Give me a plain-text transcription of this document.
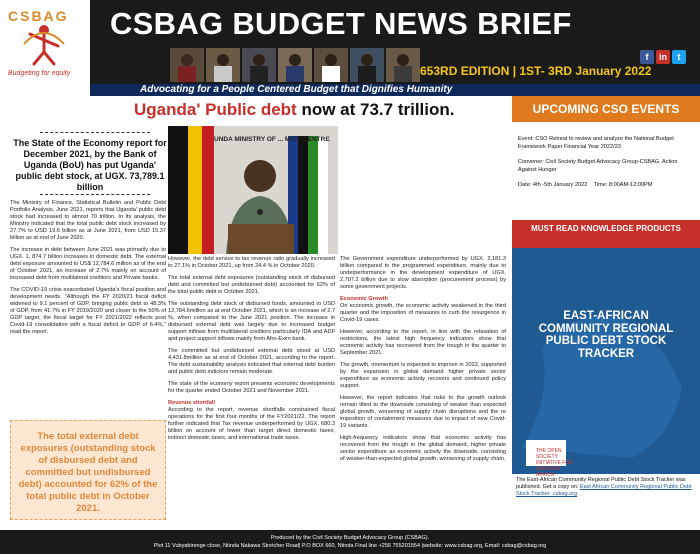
CSBAG
Budgeting for equity
CSBAG BUDGET NEWS BRIEF
653RD EDITION | 1ST- 3RD January 2022
f	in	t
Advocating for a People Centered Budget that Dignifies Humanity
Uganda' Public debt now at 73.7 trillion.
The State of the Economy report for December 2021, by the Bank of Uganda (BoU) has put Uganda' public debt stock, at UGX. 73,789.1 billion

The Ministry of Finance, Statistical Bulletin and Public Debt Portfolio Analysis, June 2021, reports that Uganda' public debt stock had increased to almost 70 trillion. In its analysis, the Ministry indicated that the total public debt stock increased by 27.7% to USD 19.6 billion as at June 2021, from USD 15.37 billion as at end of June 2020.

The increase in debt between June 2021 was primarily due to UGX. 1, 874.7 billion increases in domestic debt. The external debt exposure amounted to US$ 12,784.6 million as of the end of October 2021, an increase of 2.7% mainly on account of increased debt from multilateral creditors and Private banks.

The COVID-19 crisis exacerbated Uganda's fiscal position and development needs. "Although the FY 2020/21 fiscal deficit widened to 9.1 percent of GDP, bringing public debt to 48.3% of GDP, from 41.7% in FY 2019/2020 and closer to the 50% of GDP target, the fiscal target for FY 2021/2022 reflects post Covid-19 consolidation with a fiscal deficit to GDP of 6.4%," read the report.

The total external debt exposures (outstanding stock of disbursed debt and committed but undisbursed debt) accounted for 62% of the total public debt in October 2021.
UNDA MINISTRY OF ... MICE CENTRE

However, the debt service to tax revenue ratio gradually increased to 27.1% in October 2021, up from 24.4 % in October 2020.

The total external debt exposures (outstanding stock of disbursed debt and committed but undisbursed debt) accounted for 62% of the total public debt in October 2021.

The outstanding debt stock of disbursed funds, amounted to USD 12,784.6million as at end October 2021, which is an increase of 2.7 %, when compared to the June 2021 position. The increase in disbursed external debt was largely due to increased budget support inflows from multilateral creditors particularly IDA and ADF and project support inflows mainly from Afro-Exim bank.

The committed but undisbursed external debt stood at USD 4,431.8million as at end of October 2021, according to the report. The debt sustainability analysis indicated that external debt burden and public debt indictors remain moderate.

The state of the economy report presents economic developments for the quarter ended October 2021 and November 2021.

Revenue shortfall

According to the report, revenue shortfalls constrained fiscal operations for the first four months of the FY2021/22. The report further indicated that Tax revenue underperformed by UGX. 680.3 billion on account of lower than target direct domestic taxes, indirect domestic taxes, and international trade taxes.

The Government expenditure underperformed by UGX. 2,181.3 billion compared to the programmed expenditure, mainly due to underperformance in the development expenditure of UGX. 2,707.2 billion due to slow absorption (procurement process) by some government projects.

Economic Growth

On economic growth, the economic activity weakened in the third quarter and the imposition of measures to curb the resurgence in Covid-19 cases.

However, according to the report, in line with the relaxation of restrictions, the latest high frequency indicators show that economic activity has recovered from the trough in the quarter to September 2021.

The growth, momentum is expected to improve in 2022, supported by the expansion in global demand higher private sector expenditure as economic activity recovers and continued policy support.

However, the report indicates that risks to the growth outlook remain tilted to the downside consisting of weaker than expected global growth, worsening of supply chain disruptions and the re imposition of containment measures due to impact of new Covid-19 variants.

High-frequency indicators show that economic activity has recovered from the trough in the global demand, higher private sector expenditure as economic activity the downside, consisting of weaker-than-expected global growth, worsening of supply chain.

UPCOMING CSO EVENTS

Event: CSO Retreat to review and analyze the National Budget Framework Paper Financial Year 2022/23

Convener: Civil Society Budget Advocacy Group-CSBAG, Action Against Hunger

Date: 4th -5th January 2022 Time: 8:00AM-12:00PM

MUST READ KNOWLEDGE PRODUCTS
EAST-AFRICAN COMMUNITY REGIONAL PUBLIC DEBT STOCK TRACKER
THE OPEN SOCIETY INITIATIVE FOR EASTERN AFRICA
The East-African Community Regional Public Debt Stock Tracker was published. Get a copy on: East African Community Regional Public Debt Stock Tracker- csbag.org
Produced by the Civil Society Budget Advocacy Group (CSBAG).
Plot 11 Vubyabirenge close, Ntinda Nakawa Stretcher Road| P.O BOX 660, Ntinda Final line +256 755201554 |website: www.csbag.org, Email: csbag@csbag.org
